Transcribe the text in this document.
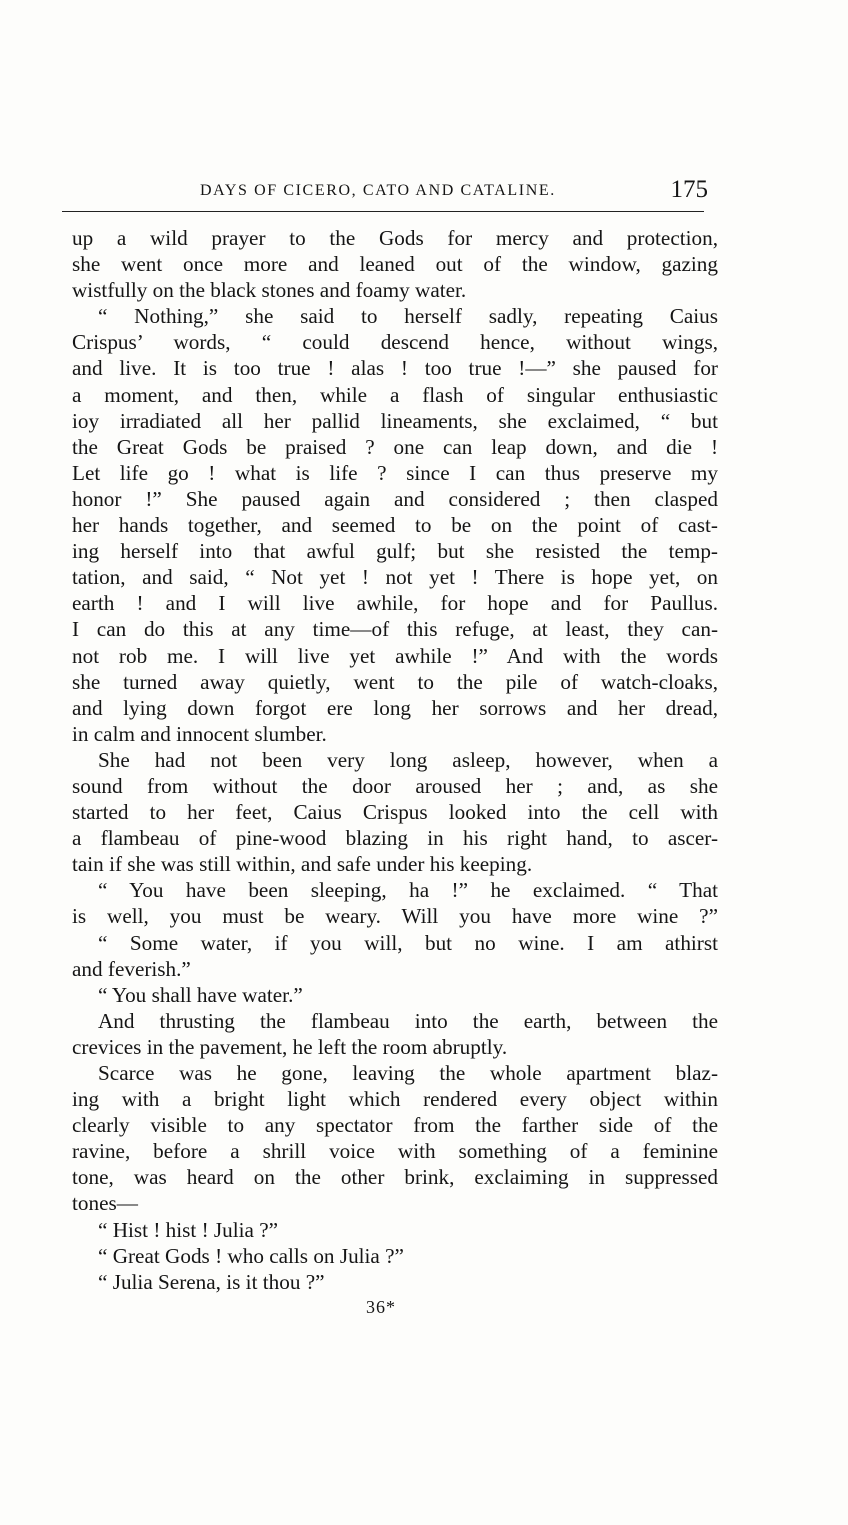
DAYS OF CICERO, CATO AND CATALINE.	175
up a wild prayer to the Gods for mercy and protection,
she went once more and leaned out of the window, gazing
wistfully on the black stones and foamy water.
“ Nothing,” she said to herself sadly, repeating Caius
Crispus’ words, “ could descend hence, without wings,
and live. It is too true ! alas ! too true !—” she paused for
a moment, and then, while a flash of singular enthusiastic
ioy irradiated all her pallid lineaments, she exclaimed, “ but
the Great Gods be praised ? one can leap down, and die !
Let life go ! what is life ? since I can thus preserve my
honor !” She paused again and considered ; then clasped
her hands together, and seemed to be on the point of cast-
ing herself into that awful gulf; but she resisted the temp-
tation, and said, “ Not yet ! not yet ! There is hope yet, on
earth ! and I will live awhile, for hope and for Paullus.
I can do this at any time—of this refuge, at least, they can-
not rob me. I will live yet awhile !” And with the words
she turned away quietly, went to the pile of watch-cloaks,
and lying down forgot ere long her sorrows and her dread,
in calm and innocent slumber.
She had not been very long asleep, however, when a
sound from without the door aroused her ; and, as she
started to her feet, Caius Crispus looked into the cell with
a flambeau of pine-wood blazing in his right hand, to ascer-
tain if she was still within, and safe under his keeping.
“ You have been sleeping, ha !” he exclaimed. “ That
is well, you must be weary. Will you have more wine ?”
“ Some water, if you will, but no wine. I am athirst
and feverish.”
“ You shall have water.”
And thrusting the flambeau into the earth, between the
crevices in the pavement, he left the room abruptly.
Scarce was he gone, leaving the whole apartment blaz-
ing with a bright light which rendered every object within
clearly visible to any spectator from the farther side of the
ravine, before a shrill voice with something of a feminine
tone, was heard on the other brink, exclaiming in suppressed
tones—
“ Hist ! hist ! Julia ?”
“ Great Gods ! who calls on Julia ?”
“ Julia Serena, is it thou ?”
36*
